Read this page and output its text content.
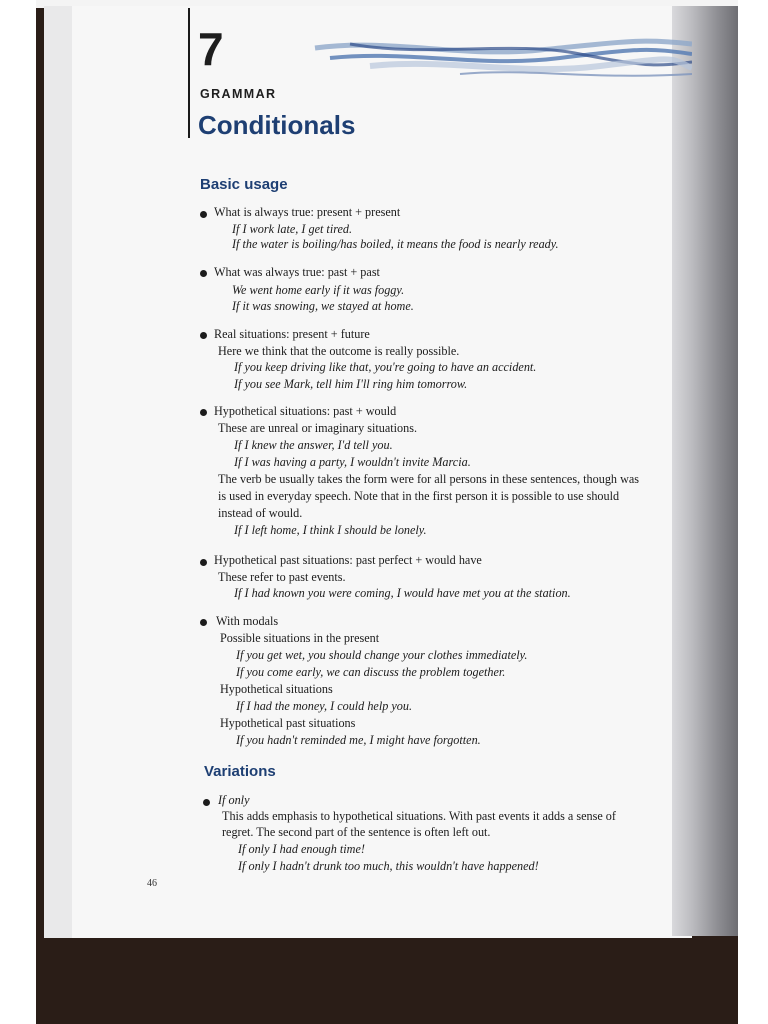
7
GRAMMAR
Conditionals
Basic usage
What is always true: present + present
If I work late, I get tired.
If the water is boiling/has boiled, it means the food is nearly ready.
What was always true: past + past
We went home early if it was foggy.
If it was snowing, we stayed at home.
Real situations: present + future
Here we think that the outcome is really possible.
If you keep driving like that, you're going to have an accident.
If you see Mark, tell him I'll ring him tomorrow.
Hypothetical situations: past + would
These are unreal or imaginary situations.
If I knew the answer, I'd tell you.
If I was having a party, I wouldn't invite Marcia.
The verb be usually takes the form were for all persons in these sentences, though was
is used in everyday speech. Note that in the first person it is possible to use should
instead of would.
If I left home, I think I should be lonely.
Hypothetical past situations: past perfect + would have
These refer to past events.
If I had known you were coming, I would have met you at the station.
With modals
Possible situations in the present
If you get wet, you should change your clothes immediately.
If you come early, we can discuss the problem together.
Hypothetical situations
If I had the money, I could help you.
Hypothetical past situations
If you hadn't reminded me, I might have forgotten.
Variations
If only
This adds emphasis to hypothetical situations. With past events it adds a sense of
regret. The second part of the sentence is often left out.
If only I had enough time!
If only I hadn't drunk too much, this wouldn't have happened!
46
